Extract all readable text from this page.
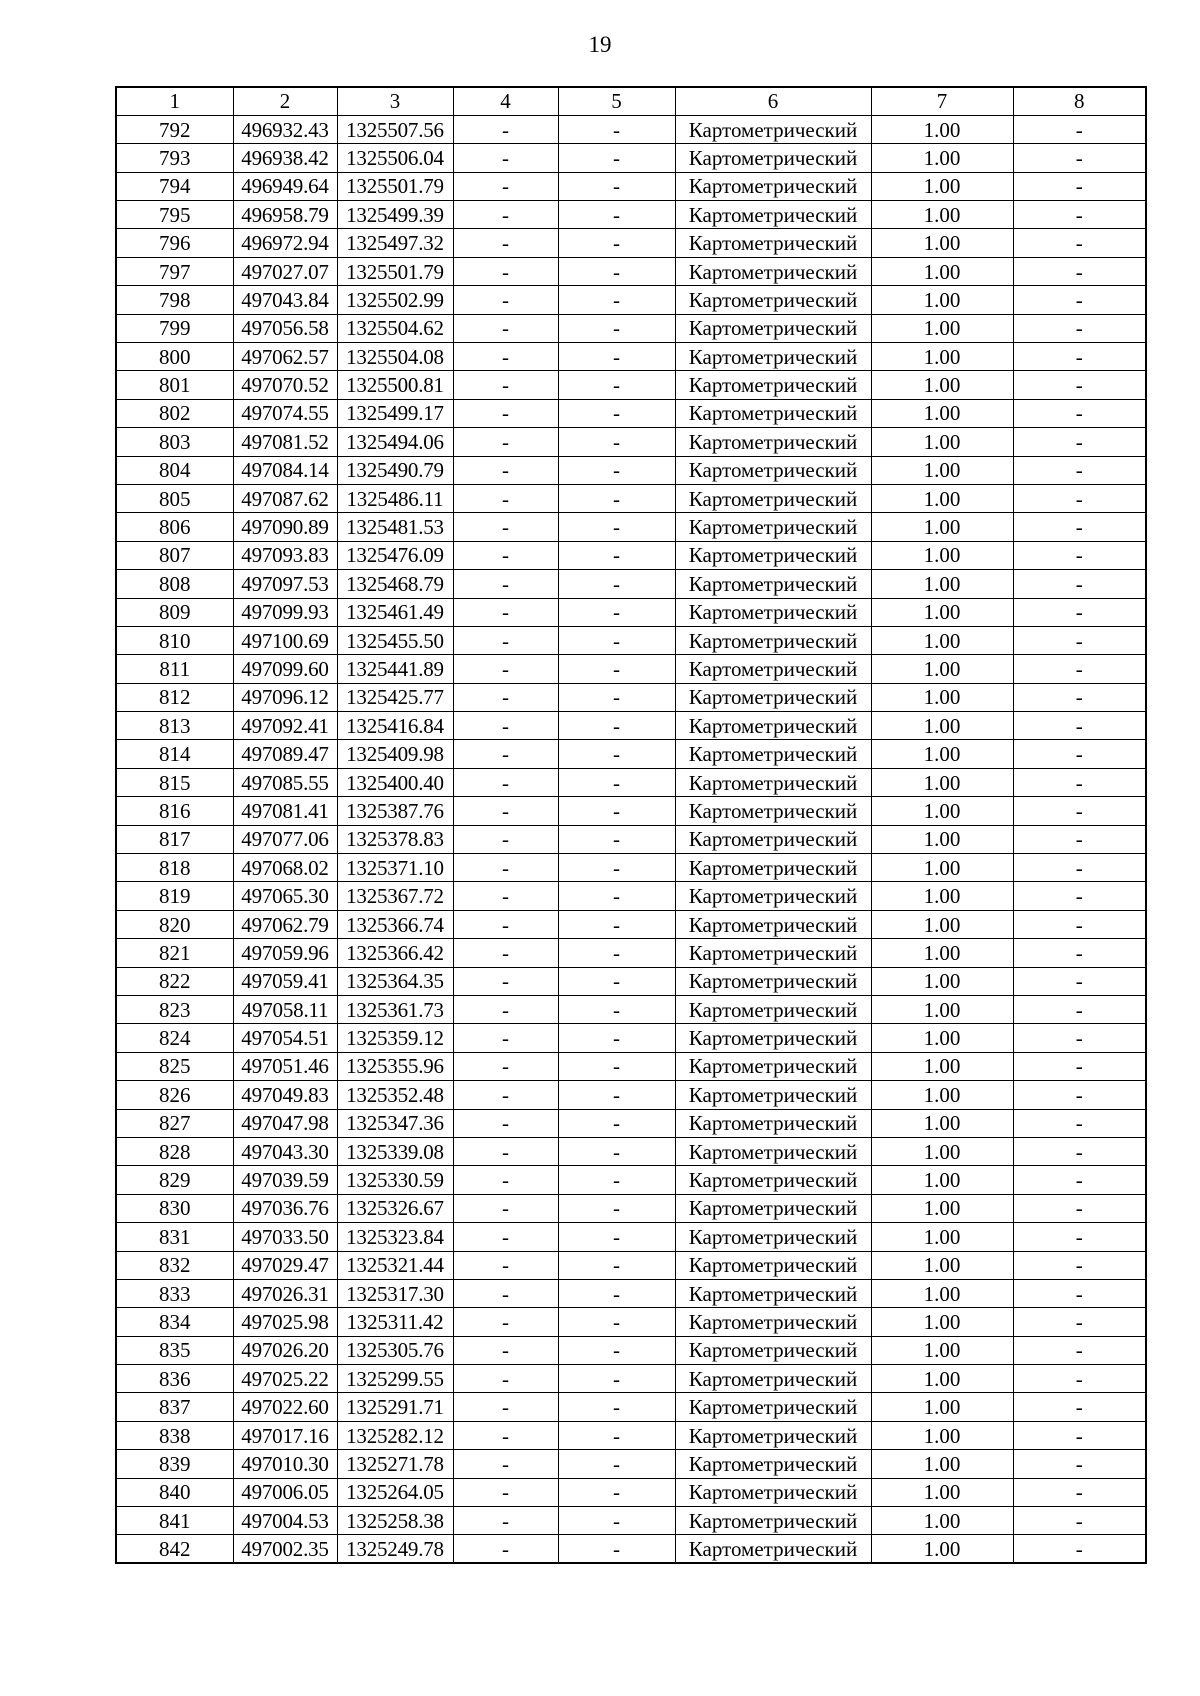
19
1	2	3	4	5	6	7	8
792	496932.43	1325507.56	-	-	Картометрический	1.00	-
793	496938.42	1325506.04	-	-	Картометрический	1.00	-
794	496949.64	1325501.79	-	-	Картометрический	1.00	-
795	496958.79	1325499.39	-	-	Картометрический	1.00	-
796	496972.94	1325497.32	-	-	Картометрический	1.00	-
797	497027.07	1325501.79	-	-	Картометрический	1.00	-
798	497043.84	1325502.99	-	-	Картометрический	1.00	-
799	497056.58	1325504.62	-	-	Картометрический	1.00	-
800	497062.57	1325504.08	-	-	Картометрический	1.00	-
801	497070.52	1325500.81	-	-	Картометрический	1.00	-
802	497074.55	1325499.17	-	-	Картометрический	1.00	-
803	497081.52	1325494.06	-	-	Картометрический	1.00	-
804	497084.14	1325490.79	-	-	Картометрический	1.00	-
805	497087.62	1325486.11	-	-	Картометрический	1.00	-
806	497090.89	1325481.53	-	-	Картометрический	1.00	-
807	497093.83	1325476.09	-	-	Картометрический	1.00	-
808	497097.53	1325468.79	-	-	Картометрический	1.00	-
809	497099.93	1325461.49	-	-	Картометрический	1.00	-
810	497100.69	1325455.50	-	-	Картометрический	1.00	-
811	497099.60	1325441.89	-	-	Картометрический	1.00	-
812	497096.12	1325425.77	-	-	Картометрический	1.00	-
813	497092.41	1325416.84	-	-	Картометрический	1.00	-
814	497089.47	1325409.98	-	-	Картометрический	1.00	-
815	497085.55	1325400.40	-	-	Картометрический	1.00	-
816	497081.41	1325387.76	-	-	Картометрический	1.00	-
817	497077.06	1325378.83	-	-	Картометрический	1.00	-
818	497068.02	1325371.10	-	-	Картометрический	1.00	-
819	497065.30	1325367.72	-	-	Картометрический	1.00	-
820	497062.79	1325366.74	-	-	Картометрический	1.00	-
821	497059.96	1325366.42	-	-	Картометрический	1.00	-
822	497059.41	1325364.35	-	-	Картометрический	1.00	-
823	497058.11	1325361.73	-	-	Картометрический	1.00	-
824	497054.51	1325359.12	-	-	Картометрический	1.00	-
825	497051.46	1325355.96	-	-	Картометрический	1.00	-
826	497049.83	1325352.48	-	-	Картометрический	1.00	-
827	497047.98	1325347.36	-	-	Картометрический	1.00	-
828	497043.30	1325339.08	-	-	Картометрический	1.00	-
829	497039.59	1325330.59	-	-	Картометрический	1.00	-
830	497036.76	1325326.67	-	-	Картометрический	1.00	-
831	497033.50	1325323.84	-	-	Картометрический	1.00	-
832	497029.47	1325321.44	-	-	Картометрический	1.00	-
833	497026.31	1325317.30	-	-	Картометрический	1.00	-
834	497025.98	1325311.42	-	-	Картометрический	1.00	-
835	497026.20	1325305.76	-	-	Картометрический	1.00	-
836	497025.22	1325299.55	-	-	Картометрический	1.00	-
837	497022.60	1325291.71	-	-	Картометрический	1.00	-
838	497017.16	1325282.12	-	-	Картометрический	1.00	-
839	497010.30	1325271.78	-	-	Картометрический	1.00	-
840	497006.05	1325264.05	-	-	Картометрический	1.00	-
841	497004.53	1325258.38	-	-	Картометрический	1.00	-
842	497002.35	1325249.78	-	-	Картометрический	1.00	-
